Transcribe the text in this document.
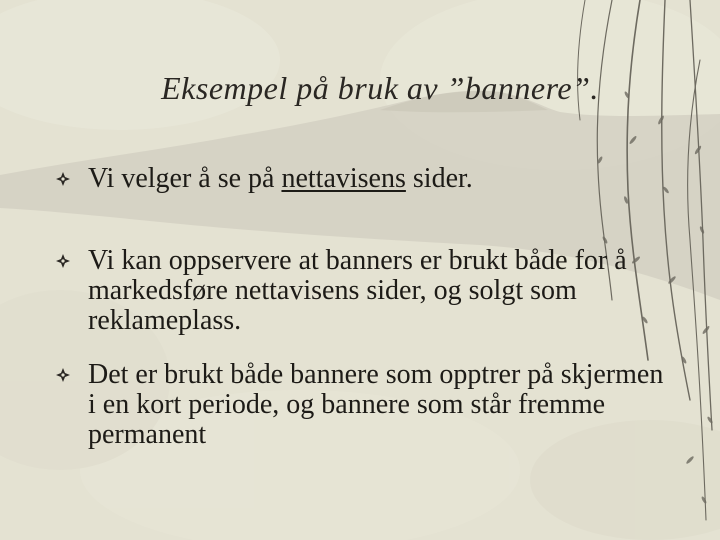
Eksempel på bruk av ”bannere”.
Vi velger å se på nettavisens sider.
Vi kan oppservere at banners er brukt både for å markedsføre nettavisens sider, og solgt som reklameplass.
Det er brukt både bannere som opptrer på skjermen i en kort periode, og bannere som står fremme permanent
